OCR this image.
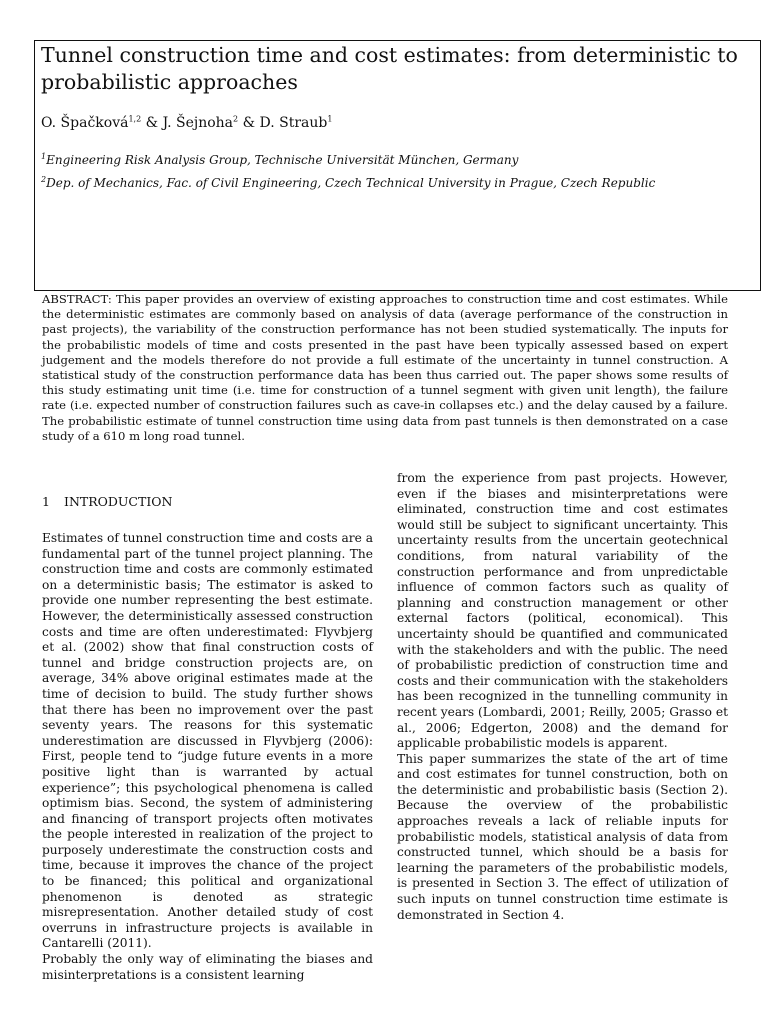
Tunnel construction time and cost estimates: from deterministic to probabilistic approaches
O. Špačková$^{1,2}$ & J. Šejnoha$^2$ & D. Straub$^1$
$^1$Engineering Risk Analysis Group, Technische Universität München, Germany
$^2$Dep. of Mechanics, Fac. of Civil Engineering, Czech Technical University in Prague, Czech Republic
ABSTRACT: This paper provides an overview of existing approaches to construction time and cost estimates. While the deterministic estimates are commonly based on analysis of data (average performance of the construction in past projects), the variability of the construction performance has not been studied systematically. The inputs for the probabilistic models of time and costs presented in the past have been typically assessed based on expert judgement and the models therefore do not provide a full estimate of the uncertainty in tunnel construction. A statistical study of the construction performance data has been thus carried out. The paper shows some results of this study estimating unit time (i.e. time for construction of a tunnel segment with given unit length), the failure rate (i.e. expected number of construction failures such as cave-in collapses etc.) and the delay caused by a failure. The probabilistic estimate of tunnel construction time using data from past tunnels is then demonstrated on a case study of a 610 m long road tunnel.
1 INTRODUCTION

Estimates of tunnel construction time and costs are a fundamental part of the tunnel project planning. The construction time and costs are commonly estimated on a deterministic basis; The estimator is asked to provide one number representing the best estimate. However, the deterministically assessed construction costs and time are often underestimated: Flyvbjerg et al. (2002) show that final construction costs of tunnel and bridge construction projects are, on average, 34% above original estimates made at the time of decision to build. The study further shows that there has been no improvement over the past seventy years. The reasons for this systematic underestimation are discussed in Flyvbjerg (2006): First, people tend to “judge future events in a more positive light than is warranted by actual experience”; this psychological phenomena is called optimism bias. Second, the system of administering and financing of transport projects often motivates the people interested in realization of the project to purposely underestimate the construction costs and time, because it improves the chance of the project to be financed; this political and organizational phenomenon is denoted as strategic misrepresentation. Another detailed study of cost overruns in infrastructure projects is available in Cantarelli (2011).

Probably the only way of eliminating the biases and misinterpretations is a consistent learning

from the experience from past projects. However, even if the biases and misinterpretations were eliminated, construction time and cost estimates would still be subject to significant uncertainty. This uncertainty results from the uncertain geotechnical conditions, from natural variability of the construction performance and from unpredictable influence of common factors such as quality of planning and construction management or other external factors (political, economical). This uncertainty should be quantified and communicated with the stakeholders and with the public. The need of probabilistic prediction of construction time and costs and their communication with the stakeholders has been recognized in the tunnelling community in recent years (Lombardi, 2001; Reilly, 2005; Grasso et al., 2006; Edgerton, 2008) and the demand for applicable probabilistic models is apparent.

This paper summarizes the state of the art of time and cost estimates for tunnel construction, both on the deterministic and probabilistic basis (Section 2). Because the overview of the probabilistic approaches reveals a lack of reliable inputs for probabilistic models, statistical analysis of data from constructed tunnel, which should be a basis for learning the parameters of the probabilistic models, is presented in Section 3. The effect of utilization of such inputs on tunnel construction time estimate is demonstrated in Section 4.
